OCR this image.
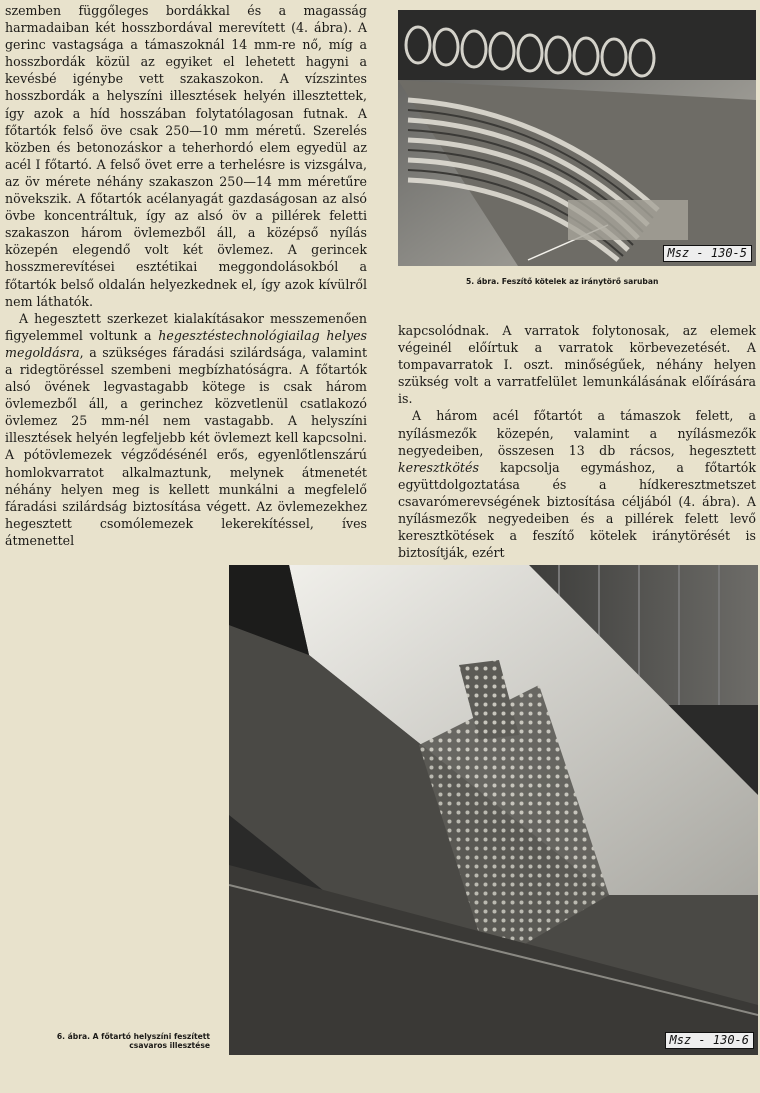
szemben függőleges bordákkal és a magasság harmadaiban két hosszbordával merevített (4. ábra). A gerinc vastagsága a támaszoknál 14 mm-re nő, míg a hosszbordák közül az egyiket el lehetett hagyni a kevésbé igénybe vett szakaszokon. A vízszintes hosszbordák a helyszíni illesztések helyén illesztettek, így azok a híd hosszában folytatólagosan futnak. A főtartók felső öve csak 250—10 mm méretű. Szerelés közben és betonozáskor a teherhordó elem egyedül az acél I főtartó. A felső övet erre a terhelésre is vizsgálva, az öv mérete néhány szakaszon 250—14 mm méretűre növekszik. A főtartók acélanyagát gazdaságosan az alsó övbe koncentráltuk, így az alsó öv a pillérek feletti szakaszon három övlemezből áll, a középső nyílás közepén elegendő volt két övlemez. A gerincek hosszmerevítései esztétikai meggondolásokból a főtartók belső oldalán helyezkednek el, így azok kívülről nem láthatók.

A hegesztett szerkezet kialakításakor messzemenően figyelemmel voltunk a hegesztéstechnológiailag helyes megoldásra, a szükséges fáradási szilárdsága, valamint a ridegtöréssel szembeni megbízhatóságra. A főtartók alsó övének legvastagabb kötege is csak három övlemezből áll, a gerinchez közvetlenül csatlakozó övlemez 25 mm-nél nem vastagabb. A helyszíni illesztések helyén legfeljebb két övlemezt kell kapcsolni. A pótövlemezek végződésénél erős, egyenlőtlenszárú homlokvarratot alkalmaztunk, melynek átmenetét néhány helyen meg is kellett munkálni a megfelelő fáradási szilárdság biztosítása végett. Az övlemezekhez hegesztett csomólemezek lekerekítéssel, íves átmenettel

Msz - 130-5
5. ábra. Feszítő kötelek az iránytörő saruban

kapcsolódnak. A varratok folytonosak, az elemek végeinél előírtuk a varratok körbevezetését. A tompavarratok I. oszt. minőségűek, néhány helyen szükség volt a varratfelület lemunkálásának előírására is.

A három acél főtartót a támaszok felett, a nyílásmezők közepén, valamint a nyílásmezők negyedeiben, összesen 13 db rácsos, hegesztett keresztkötés kapcsolja egymáshoz, a főtartók együttdolgoztatása és a hídkeresztmetszet csavarómerevségének biztosítása céljából (4. ábra). A nyílásmezők negyedeiben és a pillérek felett levő keresztkötések a feszítő kötelek iránytörését is biztosítják, ezért

Msz - 130-6
6. ábra. A főtartó helyszíni feszített
csavaros illesztése
